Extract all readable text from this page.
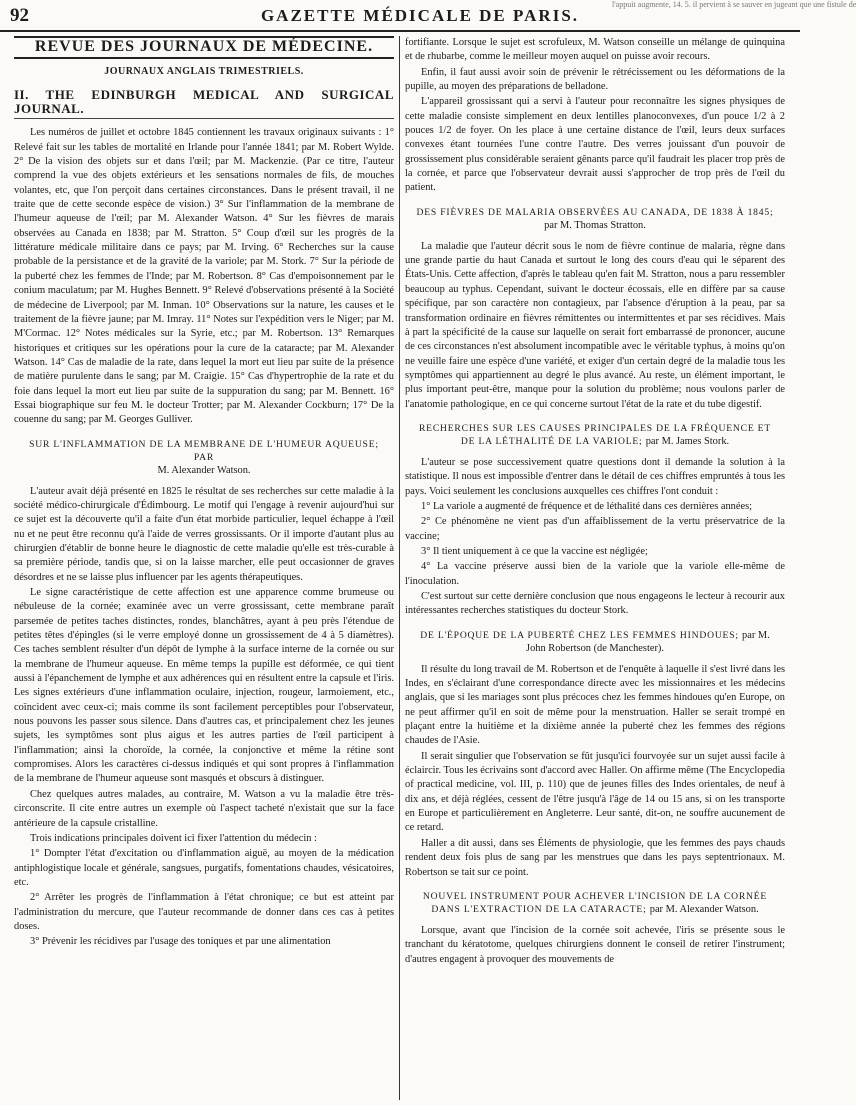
92	GAZETTE MÉDICALE DE PARIS.
l'appuit augmente, 14. 5. il pervient à se sauver en jugeant que une fistule de
REVUE DES JOURNAUX DE MÉDECINE.
JOURNAUX ANGLAIS TRIMESTRIELS.
II. THE EDINBURGH MEDICAL AND SURGICAL JOURNAL.

Les numéros de juillet et octobre 1845 contiennent les travaux originaux suivants : 1° Relevé fait sur les tables de mortalité en Irlande pour l'année 1841; par M. Robert Wylde. 2° De la vision des objets sur et dans l'œil; par M. Mackenzie. (Par ce titre, l'auteur comprend la vue des objets extérieurs et les sensations normales de fils, de mouches volantes, etc, que l'on perçoit dans certaines circonstances. Dans le présent travail, il ne traite que de cette seconde espèce de vision.) 3° Sur l'inflammation de la membrane de l'humeur aqueuse de l'œil; par M. Alexander Watson. 4° Sur les fièvres de marais observées au Canada en 1838; par M. Stratton. 5° Coup d'œil sur les progrès de la littérature médicale militaire dans ce pays; par M. Irving. 6° Recherches sur la cause probable de la persistance et de la gravité de la variole; par M. Stork. 7° Sur la période de la puberté chez les femmes de l'Inde; par M. Robertson. 8° Cas d'empoisonnement par le conium maculatum; par M. Hughes Bennett. 9° Relevé d'observations présenté à la Société de médecine de Liverpool; par M. Inman. 10° Observations sur la nature, les causes et le traitement de la fièvre jaune; par M. Imray. 11° Notes sur l'expédition vers le Niger; par M. M'Cormac. 12° Notes médicales sur la Syrie, etc.; par M. Robertson. 13° Remarques historiques et critiques sur les opérations pour la cure de la cataracte; par M. Alexander Watson. 14° Cas de maladie de la rate, dans lequel la mort eut lieu par suite de la présence de matière purulente dans le sang; par M. Craigie. 15° Cas d'hypertrophie de la rate et du foie dans lequel la mort eut lieu par suite de la suppuration du sang; par M. Bennett. 16° Essai biographique sur feu M. le docteur Trotter; par M. Alexander Cockburn; 17° De la couenne du sang; par M. Georges Gulliver.

SUR L'INFLAMMATION DE LA MEMBRANE DE L'HUMEUR AQUEUSE; PAR
M. Alexander Watson.

L'auteur avait déjà présenté en 1825 le résultat de ses recherches sur cette maladie à la société médico-chirurgicale d'Édimbourg. Le motif qui l'engage à revenir aujourd'hui sur ce sujet est la découverte qu'il a faite d'un état morbide particulier, lequel échappe à l'œil nu et ne peut être reconnu qu'à l'aide de verres grossissants. Or il importe d'autant plus au chirurgien d'établir de bonne heure le diagnostic de cette maladie qu'elle est très-curable à sa première période, tandis que, si on la laisse marcher, elle peut occasionner de graves désordres et ne se laisse plus influencer par les agents thérapeutiques.

Le signe caractéristique de cette affection est une apparence comme brumeuse ou nébuleuse de la cornée; examinée avec un verre grossissant, cette membrane paraît parsemée de petites taches distinctes, rondes, blanchâtres, ayant à peu près l'étendue de petites têtes d'épingles (si le verre employé donne un grossissement de 4 à 5 diamètres). Ces taches semblent résulter d'un dépôt de lymphe à la surface interne de la cornée ou sur la membrane de l'humeur aqueuse. En même temps la pupille est déformée, ce qui tient aussi à l'épanchement de lymphe et aux adhérences qui en résultent entre la capsule et l'iris. Les signes extérieurs d'une inflammation oculaire, injection, rougeur, larmoiement, etc., coïncident avec ceux-ci; mais comme ils sont facilement perceptibles pour l'observateur, nous pouvons les passer sous silence. Dans d'autres cas, et principalement chez les jeunes sujets, les symptômes sont plus aigus et les autres parties de l'œil participent à l'inflammation; ainsi la choroïde, la cornée, la conjonctive et même la rétine sont compromises. Alors les caractères ci-dessus indiqués et qui sont propres à l'inflammation de la membrane de l'humeur aqueuse sont masqués et obscurs à distinguer.

Chez quelques autres malades, au contraire, M. Watson a vu la maladie être très-circonscrite. Il cite entre autres un exemple où l'aspect tacheté n'existait que sur la face antérieure de la capsule cristalline.

Trois indications principales doivent ici fixer l'attention du médecin :

1° Dompter l'état d'excitation ou d'inflammation aiguë, au moyen de la médication antiphlogistique locale et générale, sangsues, purgatifs, fomentations chaudes, vésicatoires, etc.

2° Arrêter les progrès de l'inflammation à l'état chronique; ce but est atteint par l'administration du mercure, que l'auteur recommande de donner dans ces cas à petites doses.

3° Prévenir les récidives par l'usage des toniques et par une alimentation

fortifiante. Lorsque le sujet est scrofuleux, M. Watson conseille un mélange de quinquina et de rhubarbe, comme le meilleur moyen auquel on puisse avoir recours.

Enfin, il faut aussi avoir soin de prévenir le rétrécissement ou les déformations de la pupille, au moyen des préparations de belladone.

L'appareil grossissant qui a servi à l'auteur pour reconnaître les signes physiques de cette maladie consiste simplement en deux lentilles planoconvexes, d'un pouce 1/2 à 2 pouces 1/2 de foyer. On les place à une certaine distance de l'œil, leurs deux surfaces convexes étant tournées l'une contre l'autre. Des verres jouissant d'un pouvoir de grossissement plus considérable seraient gênants parce qu'il faudrait les placer trop près de la cornée, et parce que l'observateur devrait aussi s'approcher de trop près de l'œil du patient.

DES FIÈVRES DE MALARIA OBSERVÉES AU CANADA, DE 1838 À 1845;
par M. Thomas Stratton.

La maladie que l'auteur décrit sous le nom de fièvre continue de malaria, règne dans une grande partie du haut Canada et surtout le long des cours d'eau qui le séparent des États-Unis. Cette affection, d'après le tableau qu'en fait M. Stratton, nous a paru ressembler beaucoup au typhus. Cependant, suivant le docteur écossais, elle en diffère par sa cause spécifique, par son caractère non contagieux, par l'absence d'éruption à la peau, par sa transformation ordinaire en fièvres rémittentes ou intermittentes et par ses récidives. Mais à part la spécificité de la cause sur laquelle on serait fort embarrassé de prononcer, aucune de ces circonstances n'est absolument incompatible avec le véritable typhus, à moins qu'on ne veuille faire une espèce d'une variété, et exiger d'un certain degré de la maladie tous les symptômes qui appartiennent au degré le plus avancé. Au reste, un élément important, le plus important peut-être, manque pour la solution du problème; nous voulons parler de l'anatomie pathologique, en ce qui concerne surtout l'état de la rate et du tube digestif.

RECHERCHES SUR LES CAUSES PRINCIPALES DE LA FRÉQUENCE ET DE LA LÉTHALITÉ DE LA VARIOLE; par M. James Stork.

L'auteur se pose successivement quatre questions dont il demande la solution à la statistique. Il nous est impossible d'entrer dans le détail de ces chiffres empruntés à tous les pays. Voici seulement les conclusions auxquelles ces chiffres l'ont conduit :

1° La variole a augmenté de fréquence et de léthalité dans ces dernières années;

2° Ce phénomène ne vient pas d'un affaiblissement de la vertu préservatrice de la vaccine;

3° Il tient uniquement à ce que la vaccine est négligée;

4° La vaccine préserve aussi bien de la variole que la variole elle-même de l'inoculation.

C'est surtout sur cette dernière conclusion que nous engageons le lecteur à recourir aux intéressantes recherches statistiques du docteur Stork.

DE L'ÉPOQUE DE LA PUBERTÉ CHEZ LES FEMMES HINDOUES; par M. John Robertson (de Manchester).

Il résulte du long travail de M. Robertson et de l'enquête à laquelle il s'est livré dans les Indes, en s'éclairant d'une correspondance directe avec les missionnaires et les médecins anglais, que si les mariages sont plus précoces chez les femmes hindoues qu'en Europe, on ne peut affirmer qu'il en soit de même pour la menstruation. Haller se serait trompé en plaçant entre la huitième et la dixième année la puberté chez les femmes des régions chaudes de l'Asie.

Il serait singulier que l'observation se fût jusqu'ici fourvoyée sur un sujet aussi facile à éclaircir. Tous les écrivains sont d'accord avec Haller. On affirme même (The Encyclopedia of practical medicine, vol. III, p. 110) que de jeunes filles des Indes orientales, de neuf à dix ans, et déjà réglées, cessent de l'être jusqu'à l'âge de 14 ou 15 ans, si on les transporte en Europe et particulièrement en Angleterre. Leur santé, dit-on, ne souffre aucunement de ce retard.

Haller a dit aussi, dans ses Éléments de physiologie, que les femmes des pays chauds rendent deux fois plus de sang par les menstrues que dans les pays septentrionaux. M. Robertson se tait sur ce point.

NOUVEL INSTRUMENT POUR ACHEVER L'INCISION DE LA CORNÉE DANS L'EXTRACTION DE LA CATARACTE; par M. Alexander Watson.

Lorsque, avant que l'incision de la cornée soit achevée, l'iris se présente sous le tranchant du kératotome, quelques chirurgiens donnent le conseil de retirer l'instrument; d'autres engagent à provoquer des mouvements de
